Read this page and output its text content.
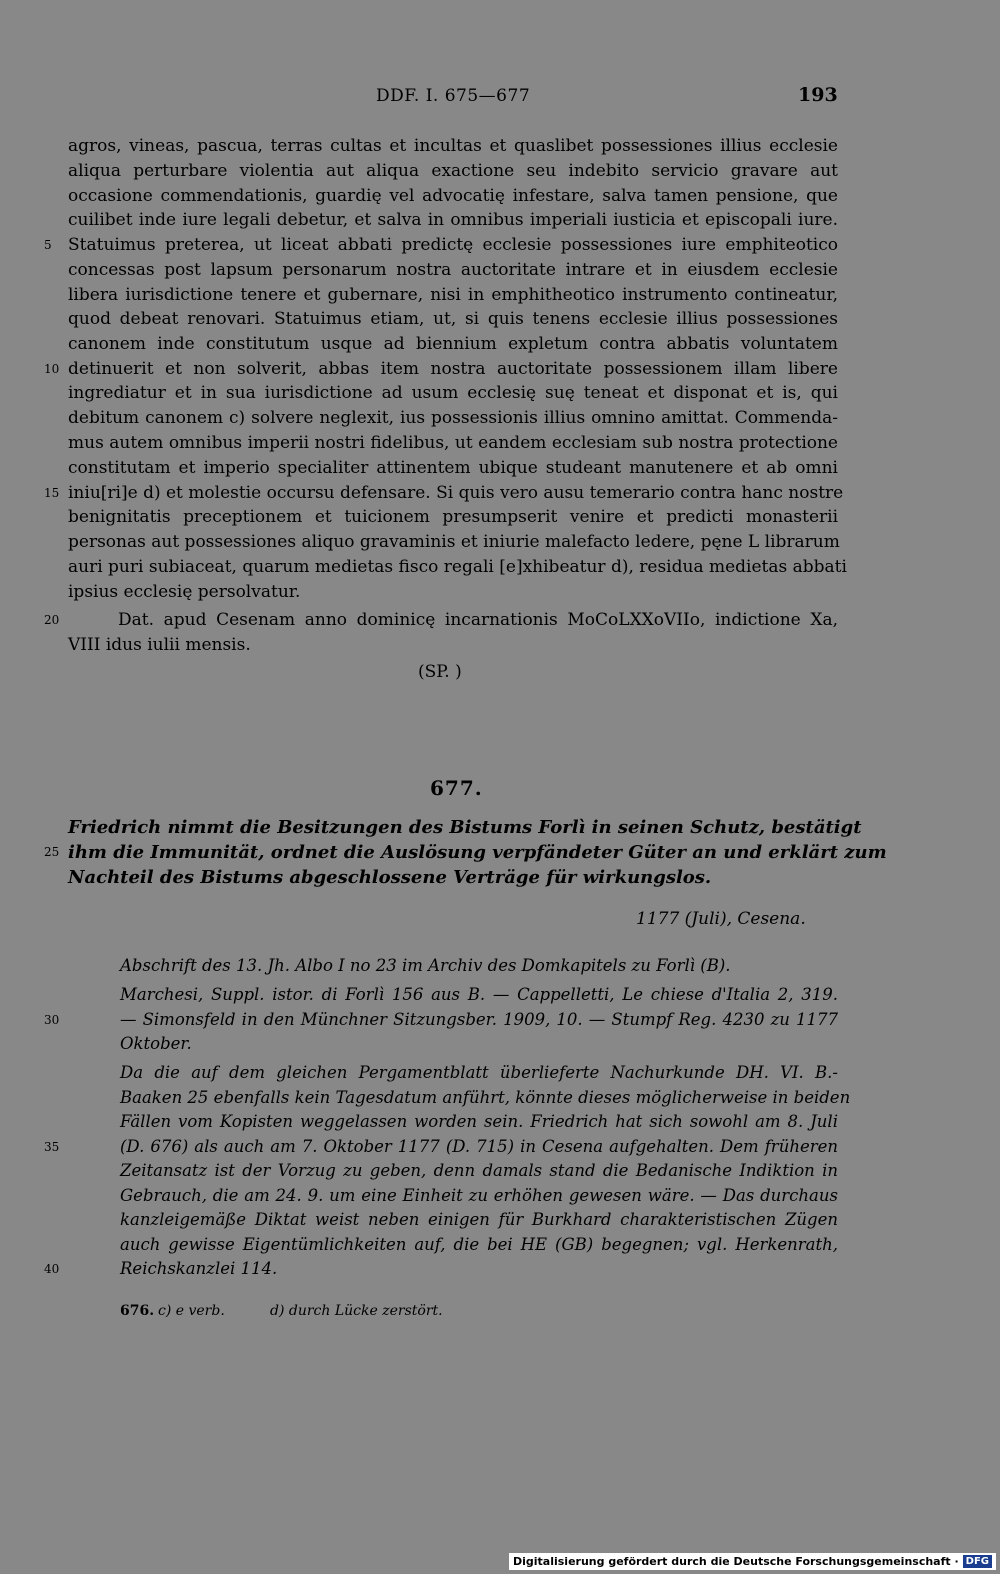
DDF. I. 675—677	193
agros, vineas, pascua, terras cultas et incultas et quaslibet possessiones illius ecclesie
aliqua perturbare violentia aut aliqua exactione seu indebito servicio gravare aut
occasione commendationis, guardię vel advocatię infestare, salva tamen pensione, que
cuilibet inde iure legali debetur, et salva in omnibus imperiali iusticia et episcopali iure.
5 Statuimus preterea, ut liceat abbati predictę ecclesie possessiones iure emphiteotico
concessas post lapsum personarum nostra auctoritate intrare et in eiusdem ecclesie
libera iurisdictione tenere et gubernare, nisi in emphitheotico instrumento contineatur,
quod debeat renovari. Statuimus etiam, ut, si quis tenens ecclesie illius possessiones
canonem inde constitutum usque ad biennium expletum contra abbatis voluntatem
10 detinuerit et non solverit, abbas item nostra auctoritate possessionem illam libere
ingrediatur et in sua iurisdictione ad usum ecclesię suę teneat et disponat et is, qui
debitum canonem c) solvere neglexit, ius possessionis illius omnino amittat. Commenda-
mus autem omnibus imperii nostri fidelibus, ut eandem ecclesiam sub nostra protectione
constitutam et imperio specialiter attinentem ubique studeant manutenere et ab omni
15 iniu[ri]e d) et molestie occursu defensare. Si quis vero ausu temerario contra hanc nostre
benignitatis preceptionem et tuicionem presumpserit venire et predicti monasterii
personas aut possessiones aliquo gravaminis et iniurie malefacto ledere, pęne L librarum
auri puri subiaceat, quarum medietas fisco regali [e]xhibeatur d), residua medietas abbati
ipsius ecclesię persolvatur.
20	Dat. apud Cesenam anno dominicę incarnationis MoCoLXXoVIIo, indictione Xa,
VIII idus iulii mensis.
(SP. )
677.
Friedrich nimmt die Besitzungen des Bistums Forlì in seinen Schutz, bestätigt
25 ihm die Immunität, ordnet die Auslösung verpfändeter Güter an und erklärt zum
Nachteil des Bistums abgeschlossene Verträge für wirkungslos.
1177 (Juli), Cesena.
Abschrift des 13. Jh. Albo I no 23 im Archiv des Domkapitels zu Forlì (B).
Marchesi, Suppl. istor. di Forlì 156 aus B. — Cappelletti, Le chiese d'Italia 2, 319.
30	— Simonsfeld in den Münchner Sitzungsber. 1909, 10. — Stumpf Reg. 4230 zu 1177
Oktober.
Da die auf dem gleichen Pergamentblatt überlieferte Nachurkunde DH. VI. B.-
Baaken 25 ebenfalls kein Tagesdatum anführt, könnte dieses möglicherweise in beiden
Fällen vom Kopisten weggelassen worden sein. Friedrich hat sich sowohl am 8. Juli
35	(D. 676) als auch am 7. Oktober 1177 (D. 715) in Cesena aufgehalten. Dem früheren
Zeitansatz ist der Vorzug zu geben, denn damals stand die Bedanische Indiktion in
Gebrauch, die am 24. 9. um eine Einheit zu erhöhen gewesen wäre. — Das durchaus
kanzleigemäße Diktat weist neben einigen für Burkhard charakteristischen Zügen
auch gewisse Eigentümlichkeiten auf, die bei HE (GB) begegnen; vgl. Herkenrath,
40	Reichskanzlei 114.
676. c) e verb.	d) durch Lücke zerstört.
Digitalisierung gefördert durch die Deutsche Forschungsgemeinschaft · DFG
